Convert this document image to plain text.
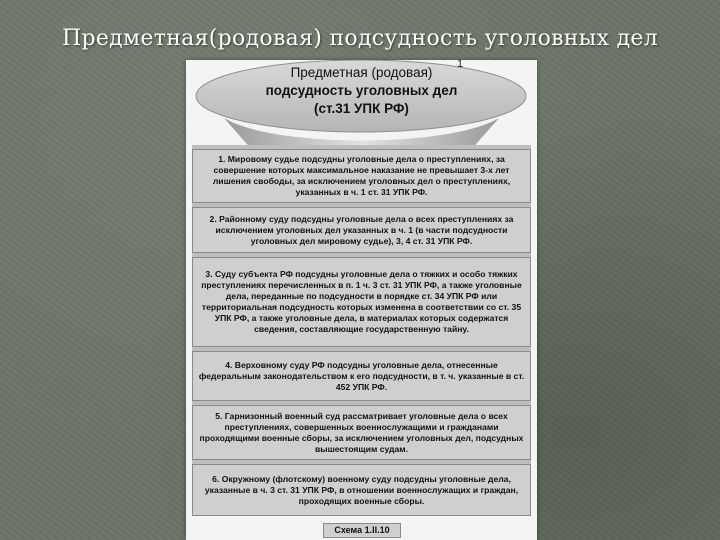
Предметная(родовая) подсудность уголовных дел
Предметная (родовая)
подсудность уголовных дел
(ст.31 УПК РФ)
1
1. Мировому судье подсудны уголовные дела о преступлениях, за совершение которых максимальное наказание не превышает 3-х лет лишения свободы, за исключением уголовных дел о преступлениях, указанных в ч. 1 ст. 31 УПК РФ.
2. Районному суду подсудны уголовные дела о всех преступлениях за исключением уголовных дел указанных в ч. 1 (в части подсудности уголовных дел мировому судье), 3, 4 ст. 31 УПК РФ.
3. Суду субъекта РФ подсудны уголовные дела о тяжких и особо тяжких преступлениях перечисленных в п. 1 ч. 3 ст. 31 УПК РФ, а также уголовные дела, переданные по подсудности в порядке ст. 34 УПК РФ или территориальная подсудность которых изменена в соответствии со ст. 35 УПК РФ, а также уголовные дела, в материалах которых содержатся сведения, составляющие государственную тайну.
4. Верховному суду РФ подсудны уголовные дела, отнесенные федеральным законодательством к его подсудности, в т. ч. указанные в ст. 452 УПК РФ.
5. Гарнизонный военный суд рассматривает уголовные дела о всех преступлениях, совершенных военнослужащими и гражданами проходящими военные сборы, за исключением уголовных дел, подсудных вышестоящим судам.
6. Окружному (флотскому) военному суду подсудны уголовные дела, указанные в ч. 3 ст. 31 УПК РФ, в отношении военнослужащих и граждан, проходящих военные сборы.
Схема 1.II.10
